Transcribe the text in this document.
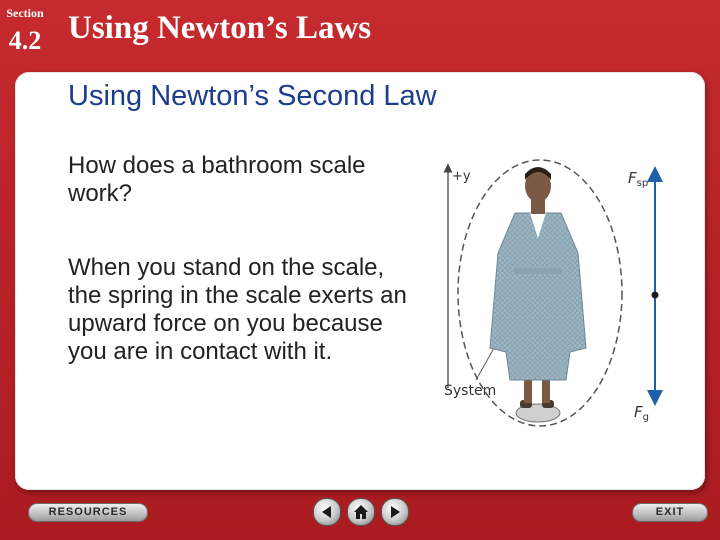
Section
4.2 Using Newton’s Laws
Using Newton’s Second Law
How does a bathroom scale work?
When you stand on the scale, the spring in the scale exerts an upward force on you because you are in contact with it.
+y	$F_{sp}$
$F_g$
System
RESOURCES	EXIT
